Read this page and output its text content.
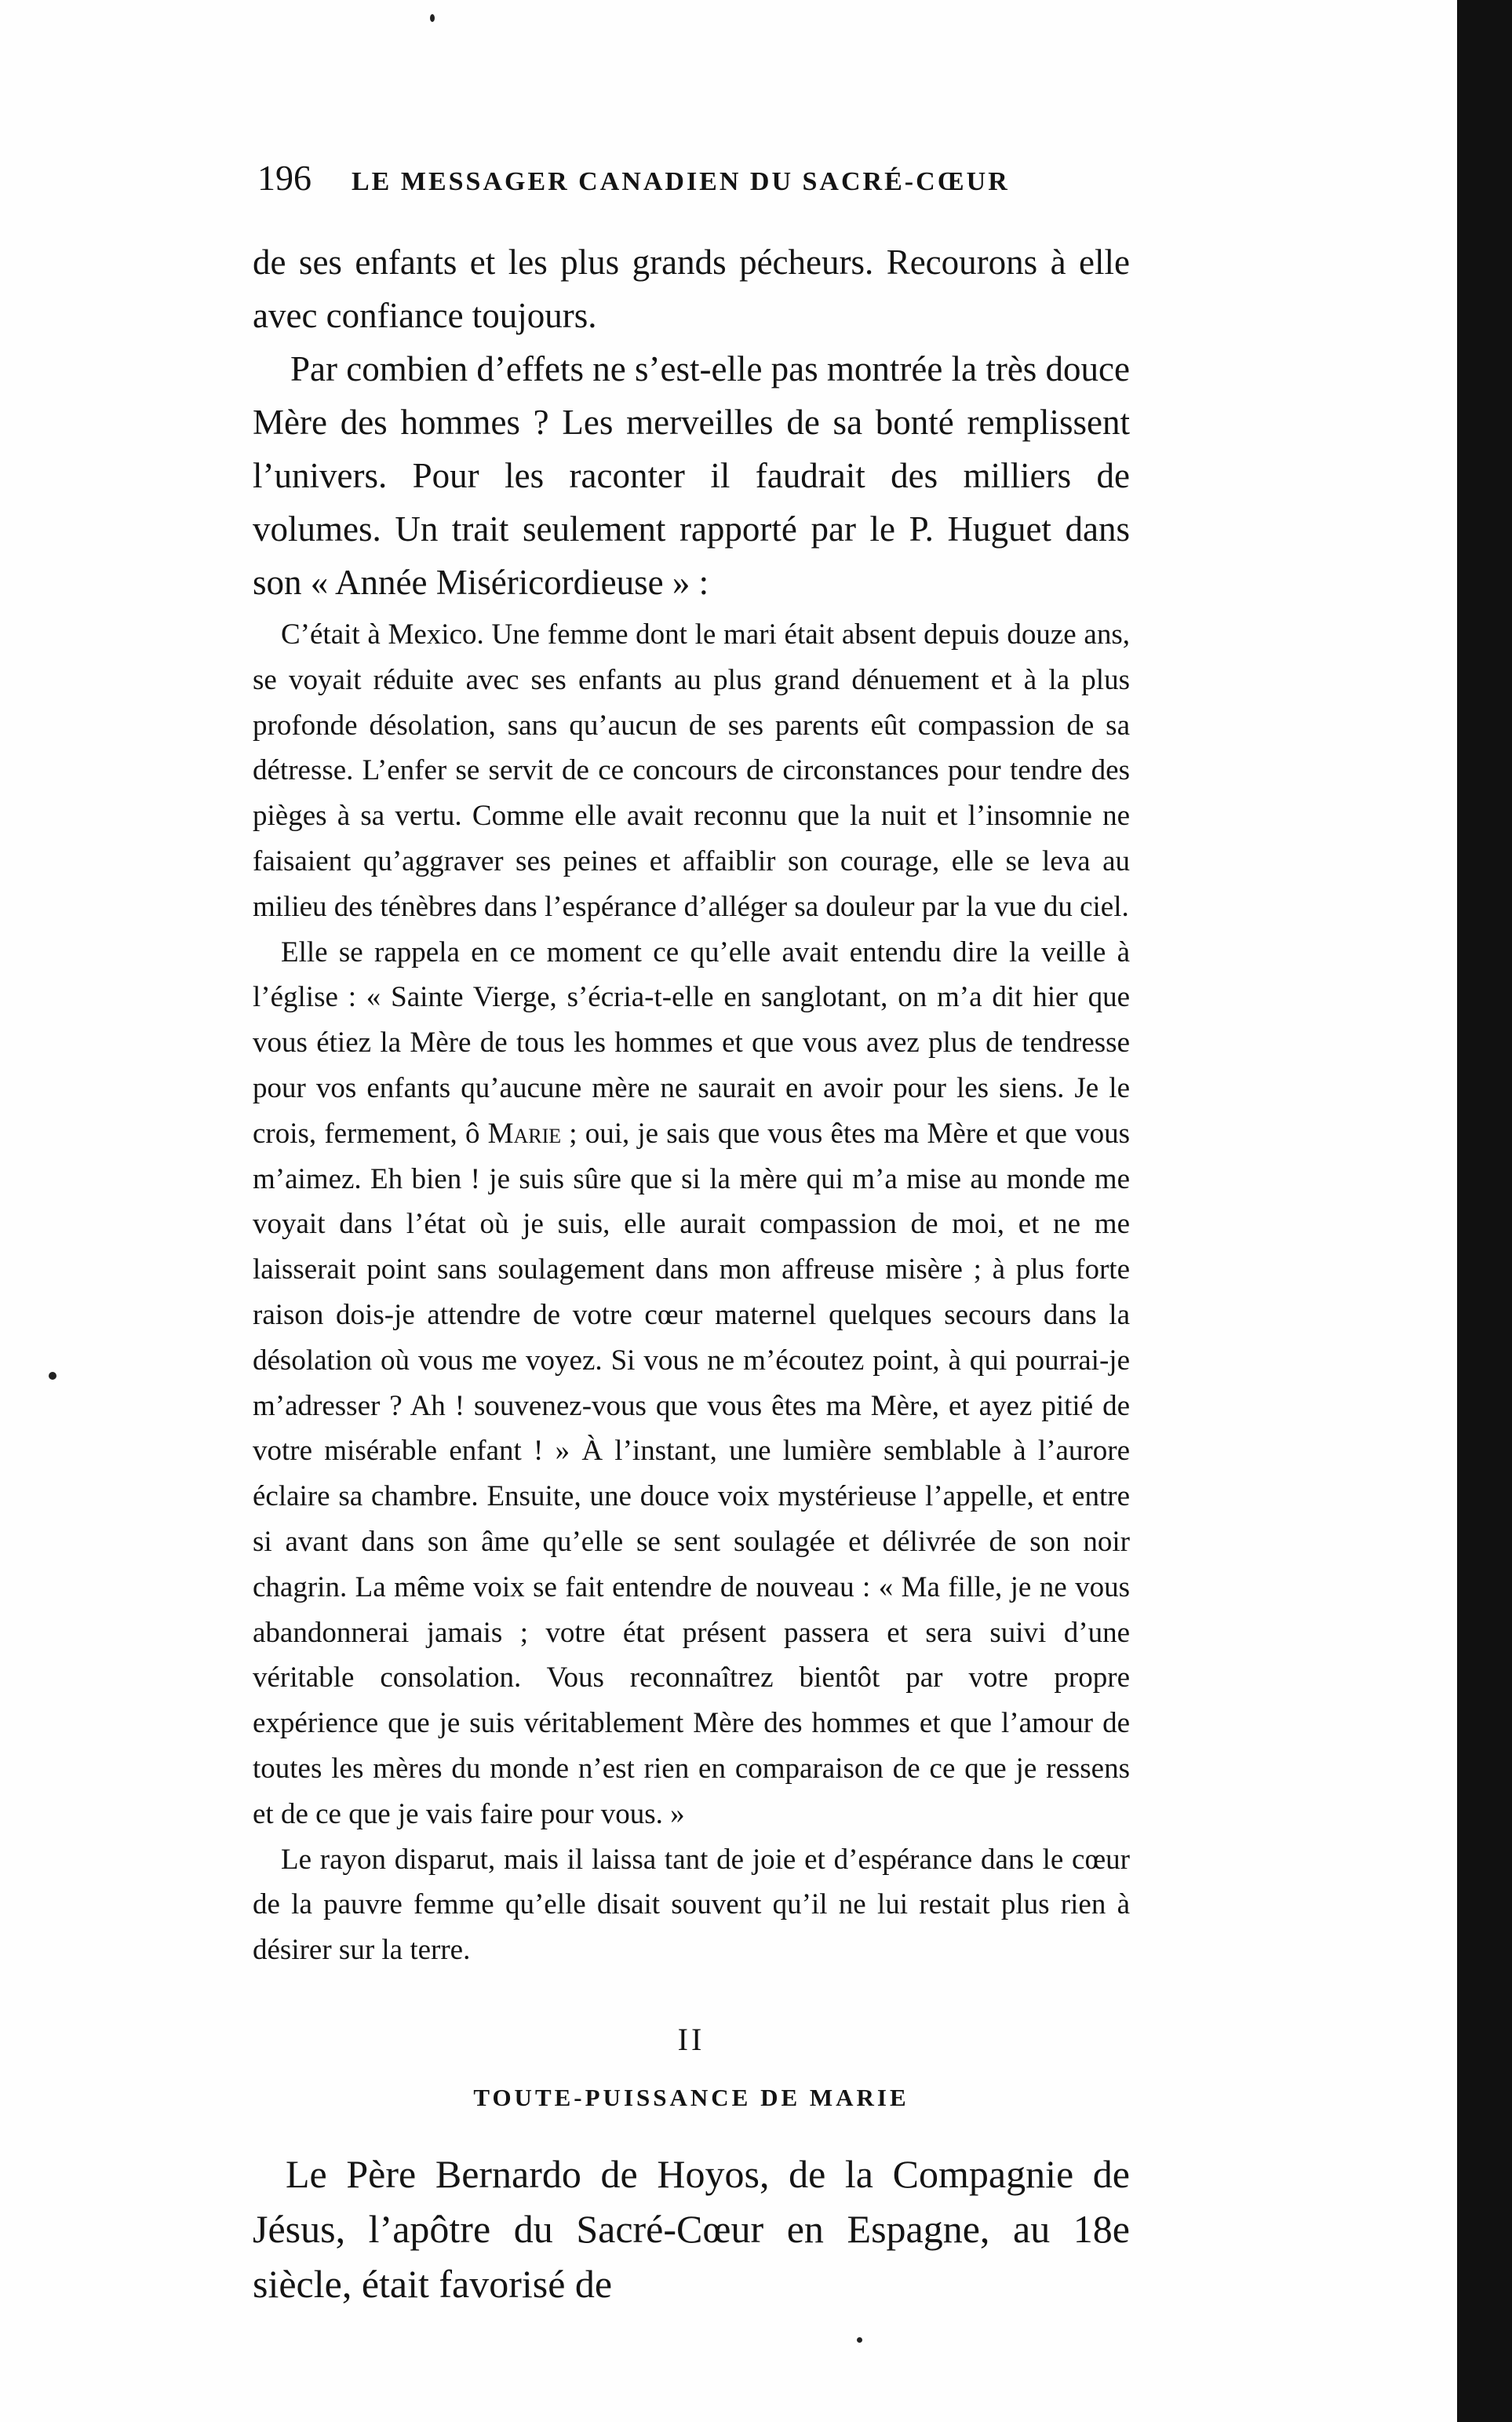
196	LE MESSAGER CANADIEN DU SACRÉ-CŒUR

de ses enfants et les plus grands pécheurs. Recourons à elle avec confiance toujours.

Par combien d’effets ne s’est-elle pas montrée la très douce Mère des hommes ? Les merveilles de sa bonté remplissent l’univers. Pour les raconter il faudrait des milliers de volumes. Un trait seulement rapporté par le P. Huguet dans son « Année Miséricordieuse » :

C’était à Mexico. Une femme dont le mari était absent depuis douze ans, se voyait réduite avec ses enfants au plus grand dénuement et à la plus profonde désolation, sans qu’aucun de ses parents eût compassion de sa détresse. L’enfer se servit de ce concours de circonstances pour tendre des pièges à sa vertu. Comme elle avait reconnu que la nuit et l’insomnie ne faisaient qu’aggraver ses peines et affaiblir son courage, elle se leva au milieu des ténèbres dans l’espérance d’alléger sa douleur par la vue du ciel.

Elle se rappela en ce moment ce qu’elle avait entendu dire la veille à l’église : « Sainte Vierge, s’écria-t-elle en sanglotant, on m’a dit hier que vous étiez la Mère de tous les hommes et que vous avez plus de tendresse pour vos enfants qu’aucune mère ne saurait en avoir pour les siens. Je le crois, fermement, ô Marie ; oui, je sais que vous êtes ma Mère et que vous m’aimez. Eh bien ! je suis sûre que si la mère qui m’a mise au monde me voyait dans l’état où je suis, elle aurait compassion de moi, et ne me laisserait point sans soulagement dans mon affreuse misère ; à plus forte raison dois-je attendre de votre cœur maternel quelques secours dans la désolation où vous me voyez. Si vous ne m’écoutez point, à qui pourrai-je m’adresser ? Ah ! souvenez-vous que vous êtes ma Mère, et ayez pitié de votre misérable enfant ! » À l’instant, une lumière semblable à l’aurore éclaire sa chambre. Ensuite, une douce voix mystérieuse l’appelle, et entre si avant dans son âme qu’elle se sent soulagée et délivrée de son noir chagrin. La même voix se fait entendre de nouveau : « Ma fille, je ne vous abandonnerai jamais ; votre état présent passera et sera suivi d’une véritable consolation. Vous reconnaîtrez bientôt par votre propre expérience que je suis véritablement Mère des hommes et que l’amour de toutes les mères du monde n’est rien en comparaison de ce que je ressens et de ce que je vais faire pour vous. »

Le rayon disparut, mais il laissa tant de joie et d’espérance dans le cœur de la pauvre femme qu’elle disait souvent qu’il ne lui restait plus rien à désirer sur la terre.

II
TOUTE-PUISSANCE DE MARIE

Le Père Bernardo de Hoyos, de la Compagnie de Jésus, l’apôtre du Sacré-Cœur en Espagne, au 18e siècle, était favorisé de
